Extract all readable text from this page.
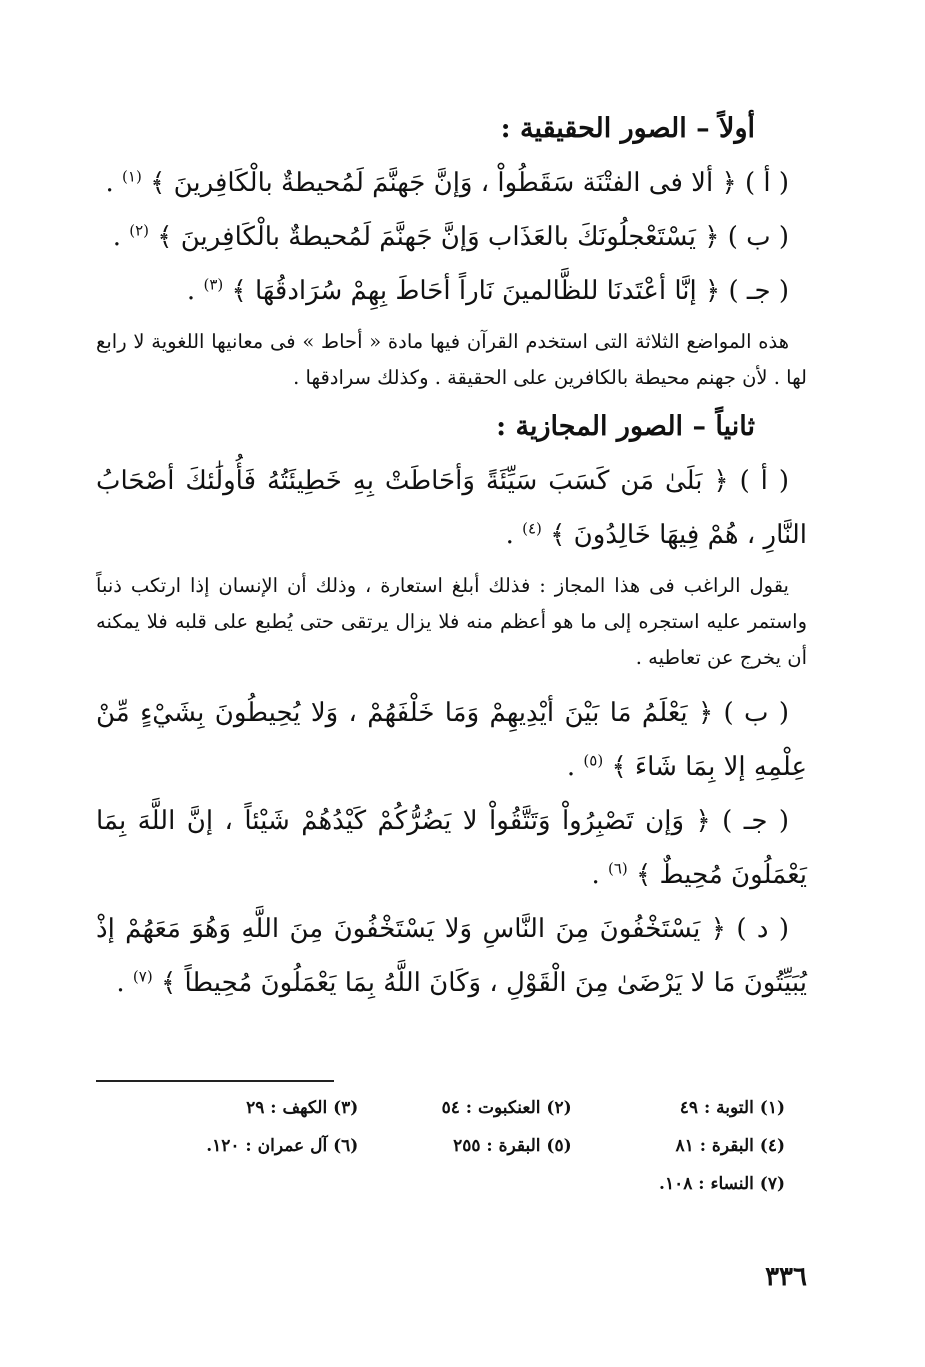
أولاً – الصور الحقيقية :

( أ ) ﴿ ألا فى الفتْنَة سَقَطُواْ ، وَإنَّ جَهنَّمَ لَمُحيطةٌ بالْكَافِرينَ ﴾ $^{(١)}$ .

( ب ) ﴿ يَسْتَعْجلُونَكَ بالعَذَاب وَإنَّ جَهنَّمَ لَمُحيطةٌ بالْكَافِرينَ ﴾ $^{(٢)}$ .

( جـ ) ﴿ إنَّا أعْتَدنَا للظَّالمينَ نَاراً أحَاطَ بِهِمْ سُرَادقُهَا ﴾ $^{(٣)}$ .

هذه المواضع الثلاثة التى استخدم القرآن فيها مادة « أحاط » فى معانيها اللغوية لا رابع لها . لأن جهنم محيطة بالكافرين على الحقيقة . وكذلك سرادقها .

ثانياً – الصور المجازية :

( أ ) ﴿ بَلَىٰ مَن كَسَبَ سَيِّئَةً وَأحَاطَتْ بِهِ خَطِيئَتُهُ فَأُولَٰئكَ أصْحَابُ النَّارِ ، هُمْ فِيهَا خَالِدُونَ ﴾ $^{(٤)}$ .

يقول الراغب فى هذا المجاز : فذلك أبلغ استعارة ، وذلك أن الإنسان إذا ارتكب ذنباً واستمر عليه استجره إلى ما هو أعظم منه فلا يزال يرتقى حتى يُطبع على قلبه فلا يمكنه أن يخرج عن تعاطيه .

( ب ) ﴿ يَعْلَمُ مَا بَيْنَ أيْدِيهِمْ وَمَا خَلْفَهُمْ ، وَلا يُحِيطُونَ بِشَيْءٍ مِّنْ عِلْمِهِ إلا بِمَا شَاءَ ﴾ $^{(٥)}$ .

( جـ ) ﴿ وَإن تَصْبِرُواْ وَتَتَّقُواْ لا يَضُرُّكُمْ كَيْدُهُمْ شَيْئاً ، إنَّ اللَّهَ بِمَا يَعْمَلُونَ مُحِيطٌ ﴾ $^{(٦)}$ .

( د ) ﴿ يَسْتَخْفُونَ مِنَ النَّاسِ وَلا يَسْتَخْفُونَ مِنَ اللَّهِ وَهُوَ مَعَهُمْ إذْ يُبَيِّتُونَ مَا لا يَرْضَىٰ مِنَ الْقَوْلِ ، وَكَانَ اللَّهُ بِمَا يَعْمَلُونَ مُحِيطاً ﴾ $^{(٧)}$ .

(١) التوبة : ٤٩
(٢) العنكبوت : ٥٤
(٣) الكهف : ٢٩
(٤) البقرة : ٨١
(٥) البقرة : ٢٥٥
(٦) آل عمران : ١٢٠.
(٧) النساء : ١٠٨.
٣٣٦
